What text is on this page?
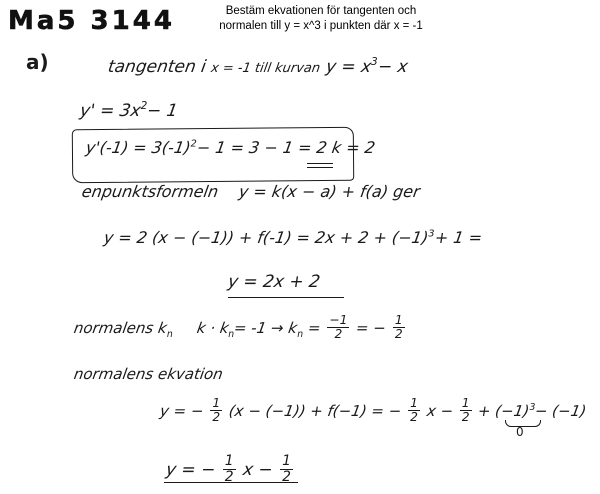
Bestäm ekvationen för tangenten och
normalen till y = x^3 i punkten där x = -1
Ma5 3144
a)	tangenten i x = -1 till kurvan $y = x^3- x$
$y' = 3x^2- 1$
$y'(-1) = 3(-1)^2- 1 = 3 - 1 = 2$ k = 2
enpunktsformeln y = k(x − a) + f(a) ger
y = 2 $(x - (-1)) + f(-1) = 2x + 2 + (-1)^3+ 1$ =
y = 2x + 2
normalens $k_n$ $k \cdot k_n= -1 \to k_n = \frac{-1}{2}$ = − $\frac{1}{2}$
normalens ekvation
y = − $\frac{1}{2} (x - (-1)) + f(-1)$ = − $\frac{1}{2}$ $x - \frac{1}{2} + (-1)^3- (-1)$
0
y = − $\frac{1}{2}$ $x - \frac{1}{2}$
